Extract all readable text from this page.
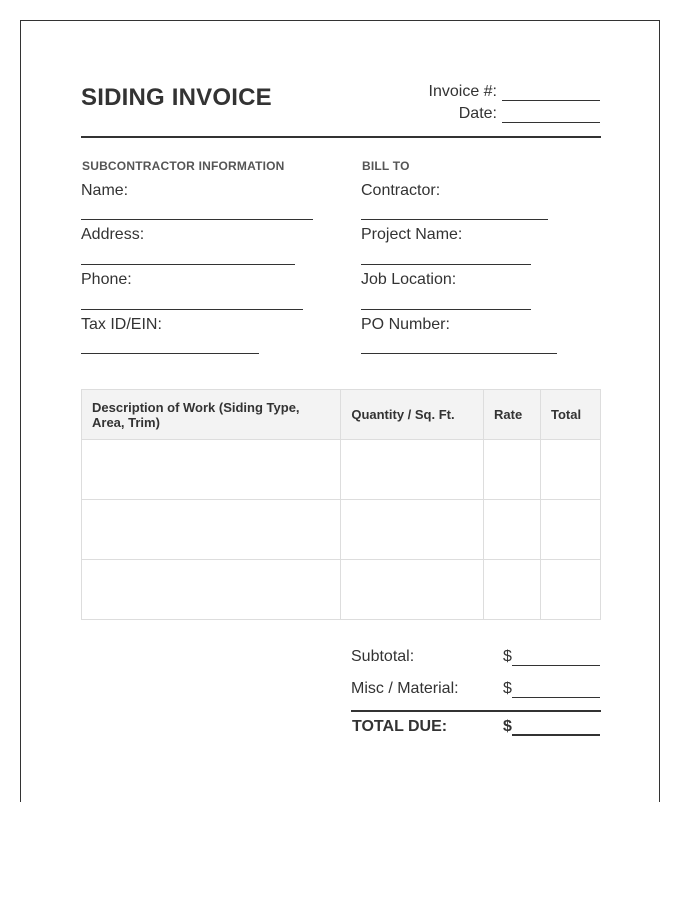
SIDING INVOICE	Invoice #:
Date:
SUBCONTRACTOR INFORMATION
Name:
Address:
Phone:
Tax ID/EIN:
BILL TO
Contractor:
Project Name:
Job Location:
PO Number:
Description of Work (Siding Type, Area, Trim)	Quantity / Sq. Ft.	Rate	Total

Subtotal:	$
Misc / Material:	$
TOTAL DUE:	$
